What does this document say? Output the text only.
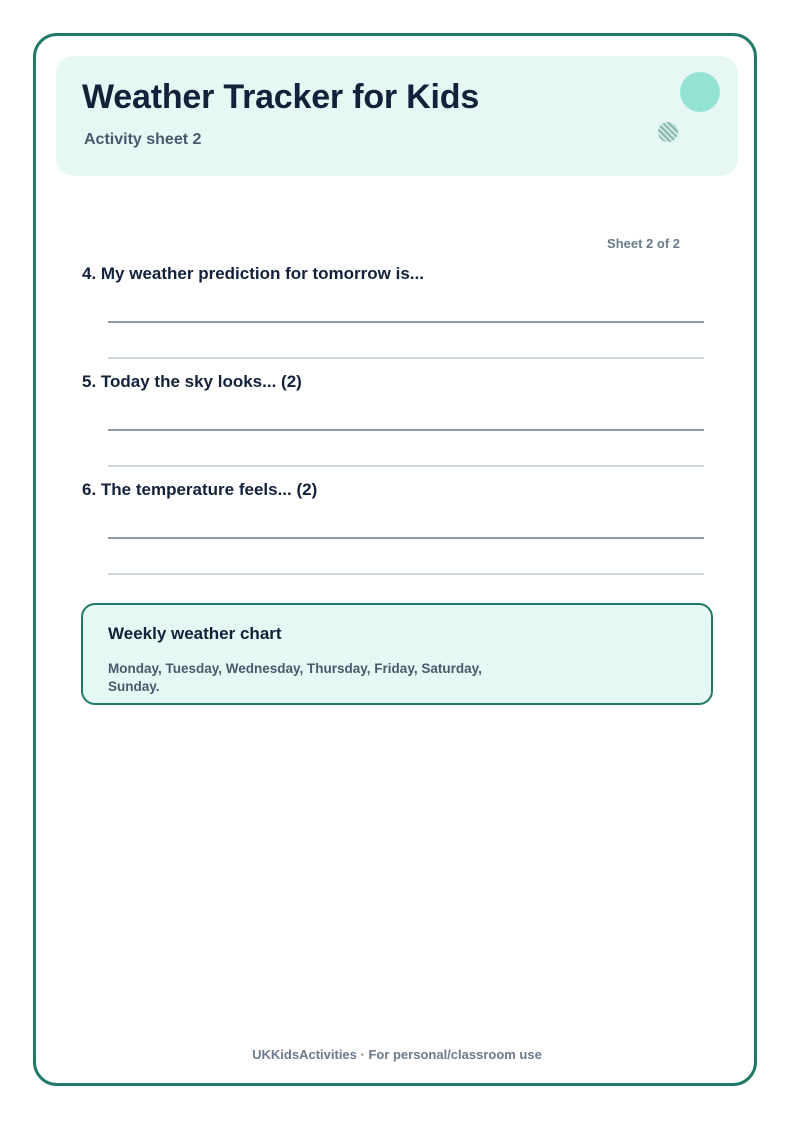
Weather Tracker for Kids
Activity sheet 2
Sheet 2 of 2
4. My weather prediction for tomorrow is...
5. Today the sky looks... (2)
6. The temperature feels... (2)
Weekly weather chart
Monday, Tuesday, Wednesday, Thursday, Friday, Saturday, Sunday.
UKKidsActivities · For personal/classroom use
